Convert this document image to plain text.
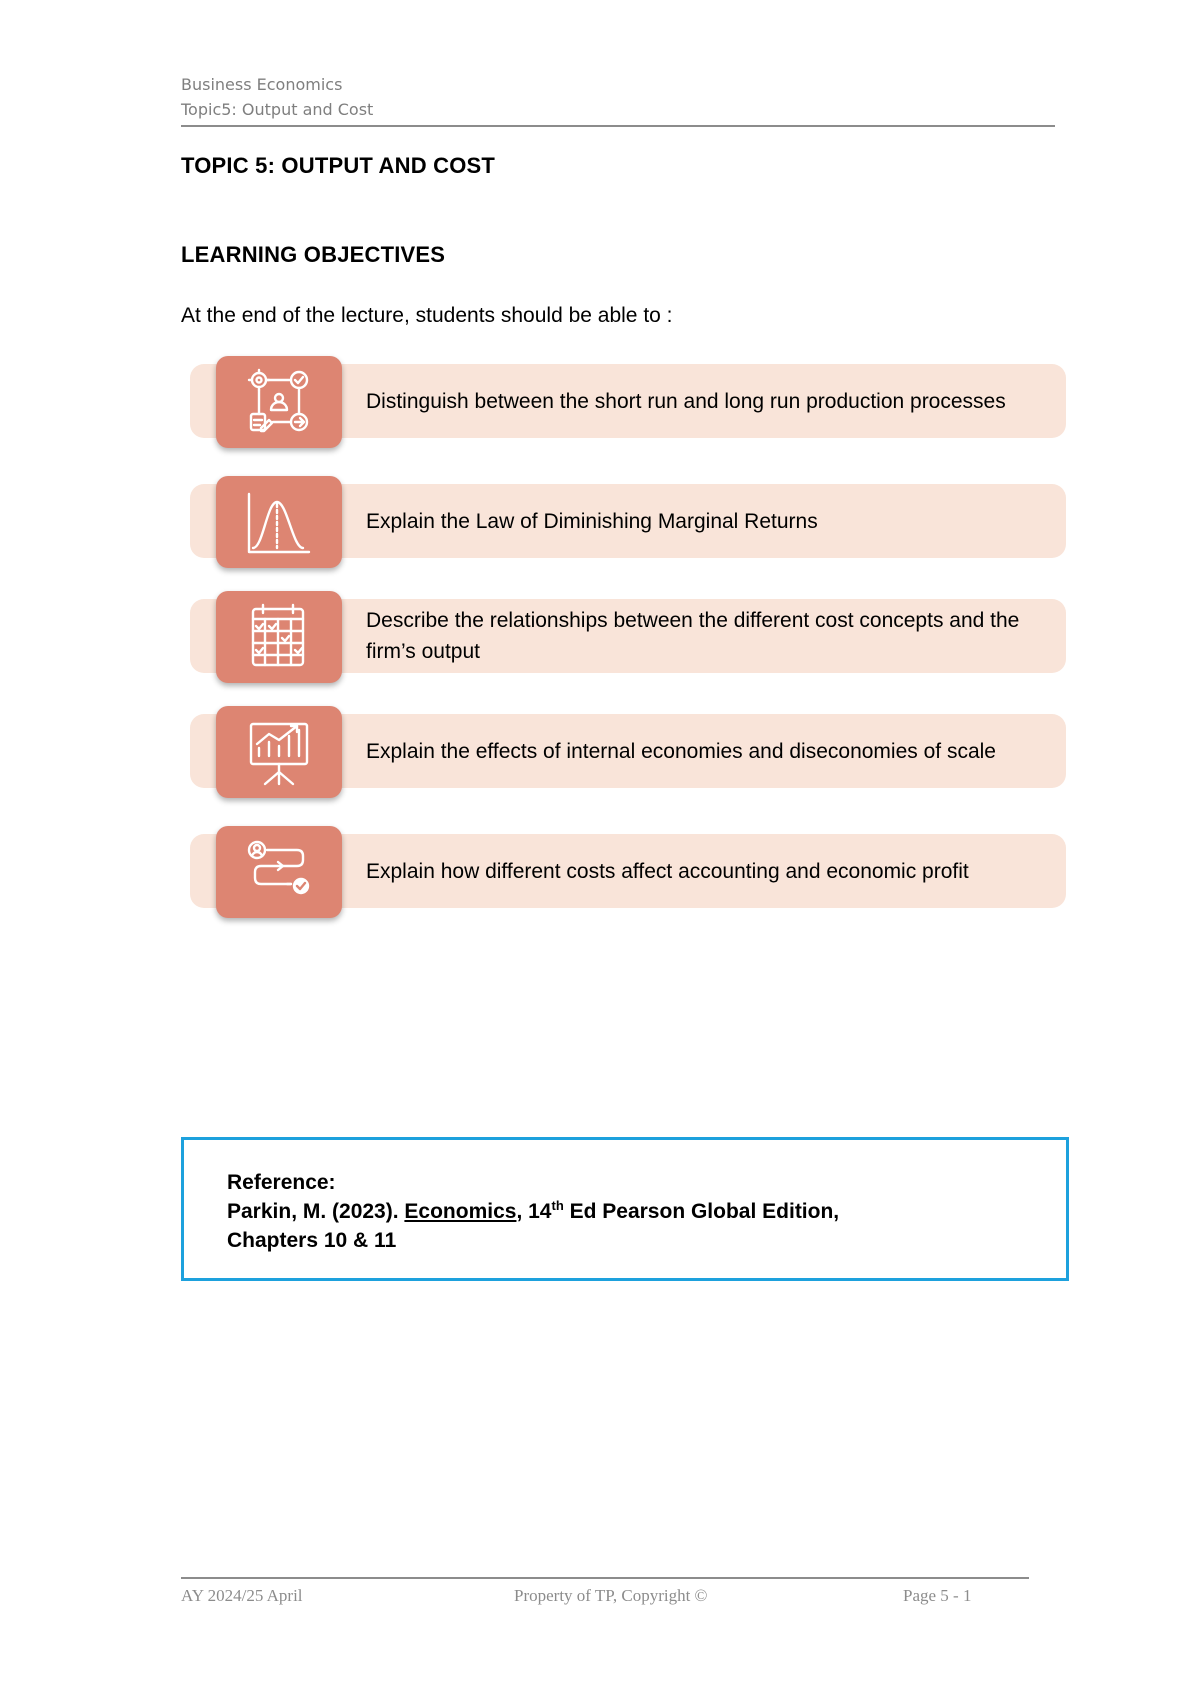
Business Economics
Topic5: Output and Cost
TOPIC 5: OUTPUT AND COST
LEARNING OBJECTIVES
At the end of the lecture, students should be able to :
Distinguish between the short run and long run production processes
Explain the Law of Diminishing Marginal Returns
Describe the relationships between the different cost concepts and the firm’s output
Explain the effects of internal economies and diseconomies of scale
Explain how different costs affect accounting and economic profit
Reference:
Parkin, M. (2023). Economics, 14th Ed Pearson Global Edition,
Chapters 10 & 11
AY 2024/25 April	Property of TP, Copyright ©	Page 5 - 1
